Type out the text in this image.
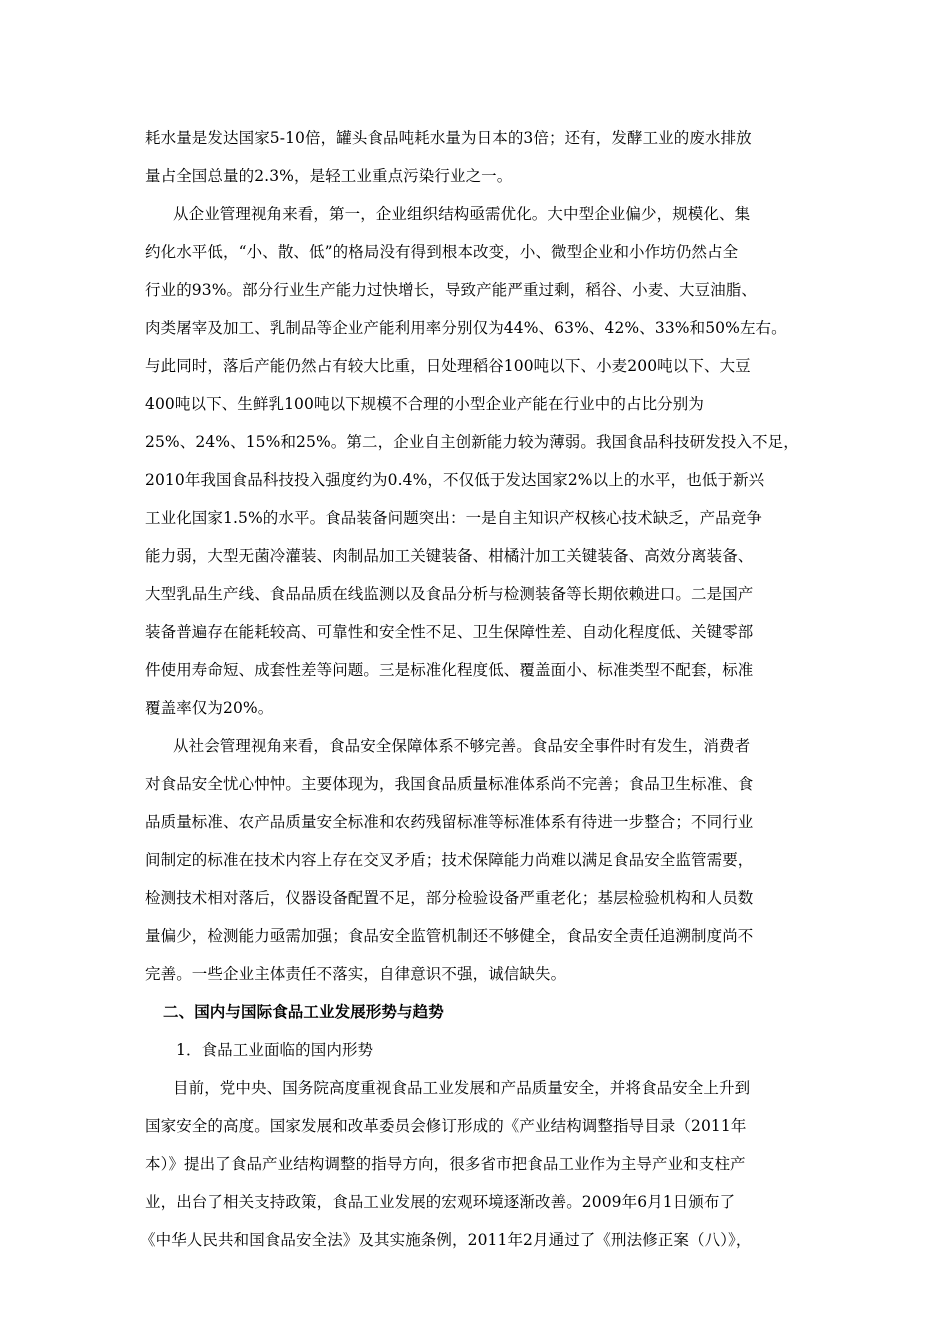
耗水量是发达国家5-10倍，罐头食品吨耗水量为日本的3倍；还有，发酵工业的废水排放
量占全国总量的2.3%，是轻工业重点污染行业之一。
从企业管理视角来看，第一，企业组织结构亟需优化。大中型企业偏少，规模化、集
约化水平低，“小、散、低”的格局没有得到根本改变，小、微型企业和小作坊仍然占全
行业的93%。部分行业生产能力过快增长，导致产能严重过剩，稻谷、小麦、大豆油脂、
肉类屠宰及加工、乳制品等企业产能利用率分别仅为44%、63%、42%、33%和50%左右。
与此同时，落后产能仍然占有较大比重，日处理稻谷100吨以下、小麦200吨以下、大豆
400吨以下、生鲜乳100吨以下规模不合理的小型企业产能在行业中的占比分别为
25%、24%、15%和25%。第二，企业自主创新能力较为薄弱。我国食品科技研发投入不足，
2010年我国食品科技投入强度约为0.4%，不仅低于发达国家2%以上的水平，也低于新兴
工业化国家1.5%的水平。食品装备问题突出：一是自主知识产权核心技术缺乏，产品竞争
能力弱，大型无菌冷灌装、肉制品加工关键装备、柑橘汁加工关键装备、高效分离装备、
大型乳品生产线、食品品质在线监测以及食品分析与检测装备等长期依赖进口。二是国产
装备普遍存在能耗较高、可靠性和安全性不足、卫生保障性差、自动化程度低、关键零部
件使用寿命短、成套性差等问题。三是标准化程度低、覆盖面小、标准类型不配套，标准
覆盖率仅为20%。
从社会管理视角来看，食品安全保障体系不够完善。食品安全事件时有发生，消费者
对食品安全忧心忡忡。主要体现为，我国食品质量标准体系尚不完善；食品卫生标准、食
品质量标准、农产品质量安全标准和农药残留标准等标准体系有待进一步整合；不同行业
间制定的标准在技术内容上存在交叉矛盾；技术保障能力尚难以满足食品安全监管需要，
检测技术相对落后，仪器设备配置不足，部分检验设备严重老化；基层检验机构和人员数
量偏少，检测能力亟需加强；食品安全监管机制还不够健全，食品安全责任追溯制度尚不
完善。一些企业主体责任不落实，自律意识不强，诚信缺失。
二、国内与国际食品工业发展形势与趋势
1．食品工业面临的国内形势
目前，党中央、国务院高度重视食品工业发展和产品质量安全，并将食品安全上升到
国家安全的高度。国家发展和改革委员会修订形成的《产业结构调整指导目录（2011年
本）》提出了食品产业结构调整的指导方向，很多省市把食品工业作为主导产业和支柱产
业，出台了相关支持政策，食品工业发展的宏观环境逐渐改善。2009年6月1日颁布了
《中华人民共和国食品安全法》及其实施条例，2011年2月通过了《刑法修正案（八）》，
